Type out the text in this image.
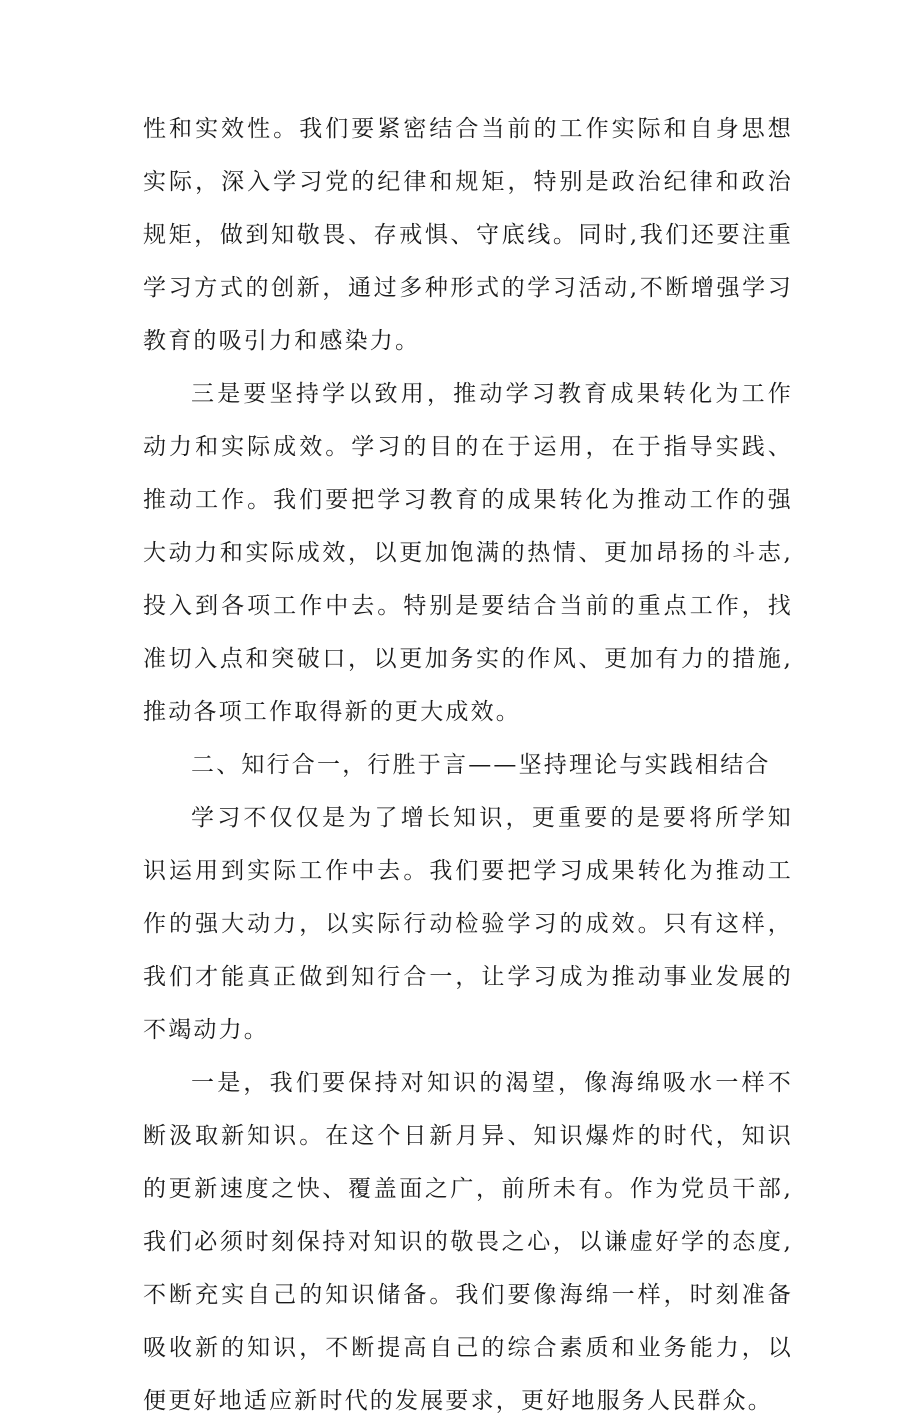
性和实效性。我们要紧密结合当前的工作实际和自身思想实际，深入学习党的纪律和规矩，特别是政治纪律和政治规矩，做到知敬畏、存戒惧、守底线。同时,我们还要注重学习方式的创新，通过多种形式的学习活动,不断增强学习教育的吸引力和感染力。

三是要坚持学以致用，推动学习教育成果转化为工作动力和实际成效。学习的目的在于运用，在于指导实践、推动工作。我们要把学习教育的成果转化为推动工作的强大动力和实际成效，以更加饱满的热情、更加昂扬的斗志,投入到各项工作中去。特别是要结合当前的重点工作，找准切入点和突破口，以更加务实的作风、更加有力的措施,推动各项工作取得新的更大成效。

二、知行合一，行胜于言——坚持理论与实践相结合

学习不仅仅是为了增长知识，更重要的是要将所学知识运用到实际工作中去。我们要把学习成果转化为推动工作的强大动力，以实际行动检验学习的成效。只有这样，我们才能真正做到知行合一，让学习成为推动事业发展的不竭动力。

一是，我们要保持对知识的渴望，像海绵吸水一样不断汲取新知识。在这个日新月异、知识爆炸的时代，知识的更新速度之快、覆盖面之广，前所未有。作为党员干部,我们必须时刻保持对知识的敬畏之心，以谦虚好学的态度,不断充实自己的知识储备。我们要像海绵一样，时刻准备吸收新的知识，不断提高自己的综合素质和业务能力，以便更好地适应新时代的发展要求，更好地服务人民群众。
